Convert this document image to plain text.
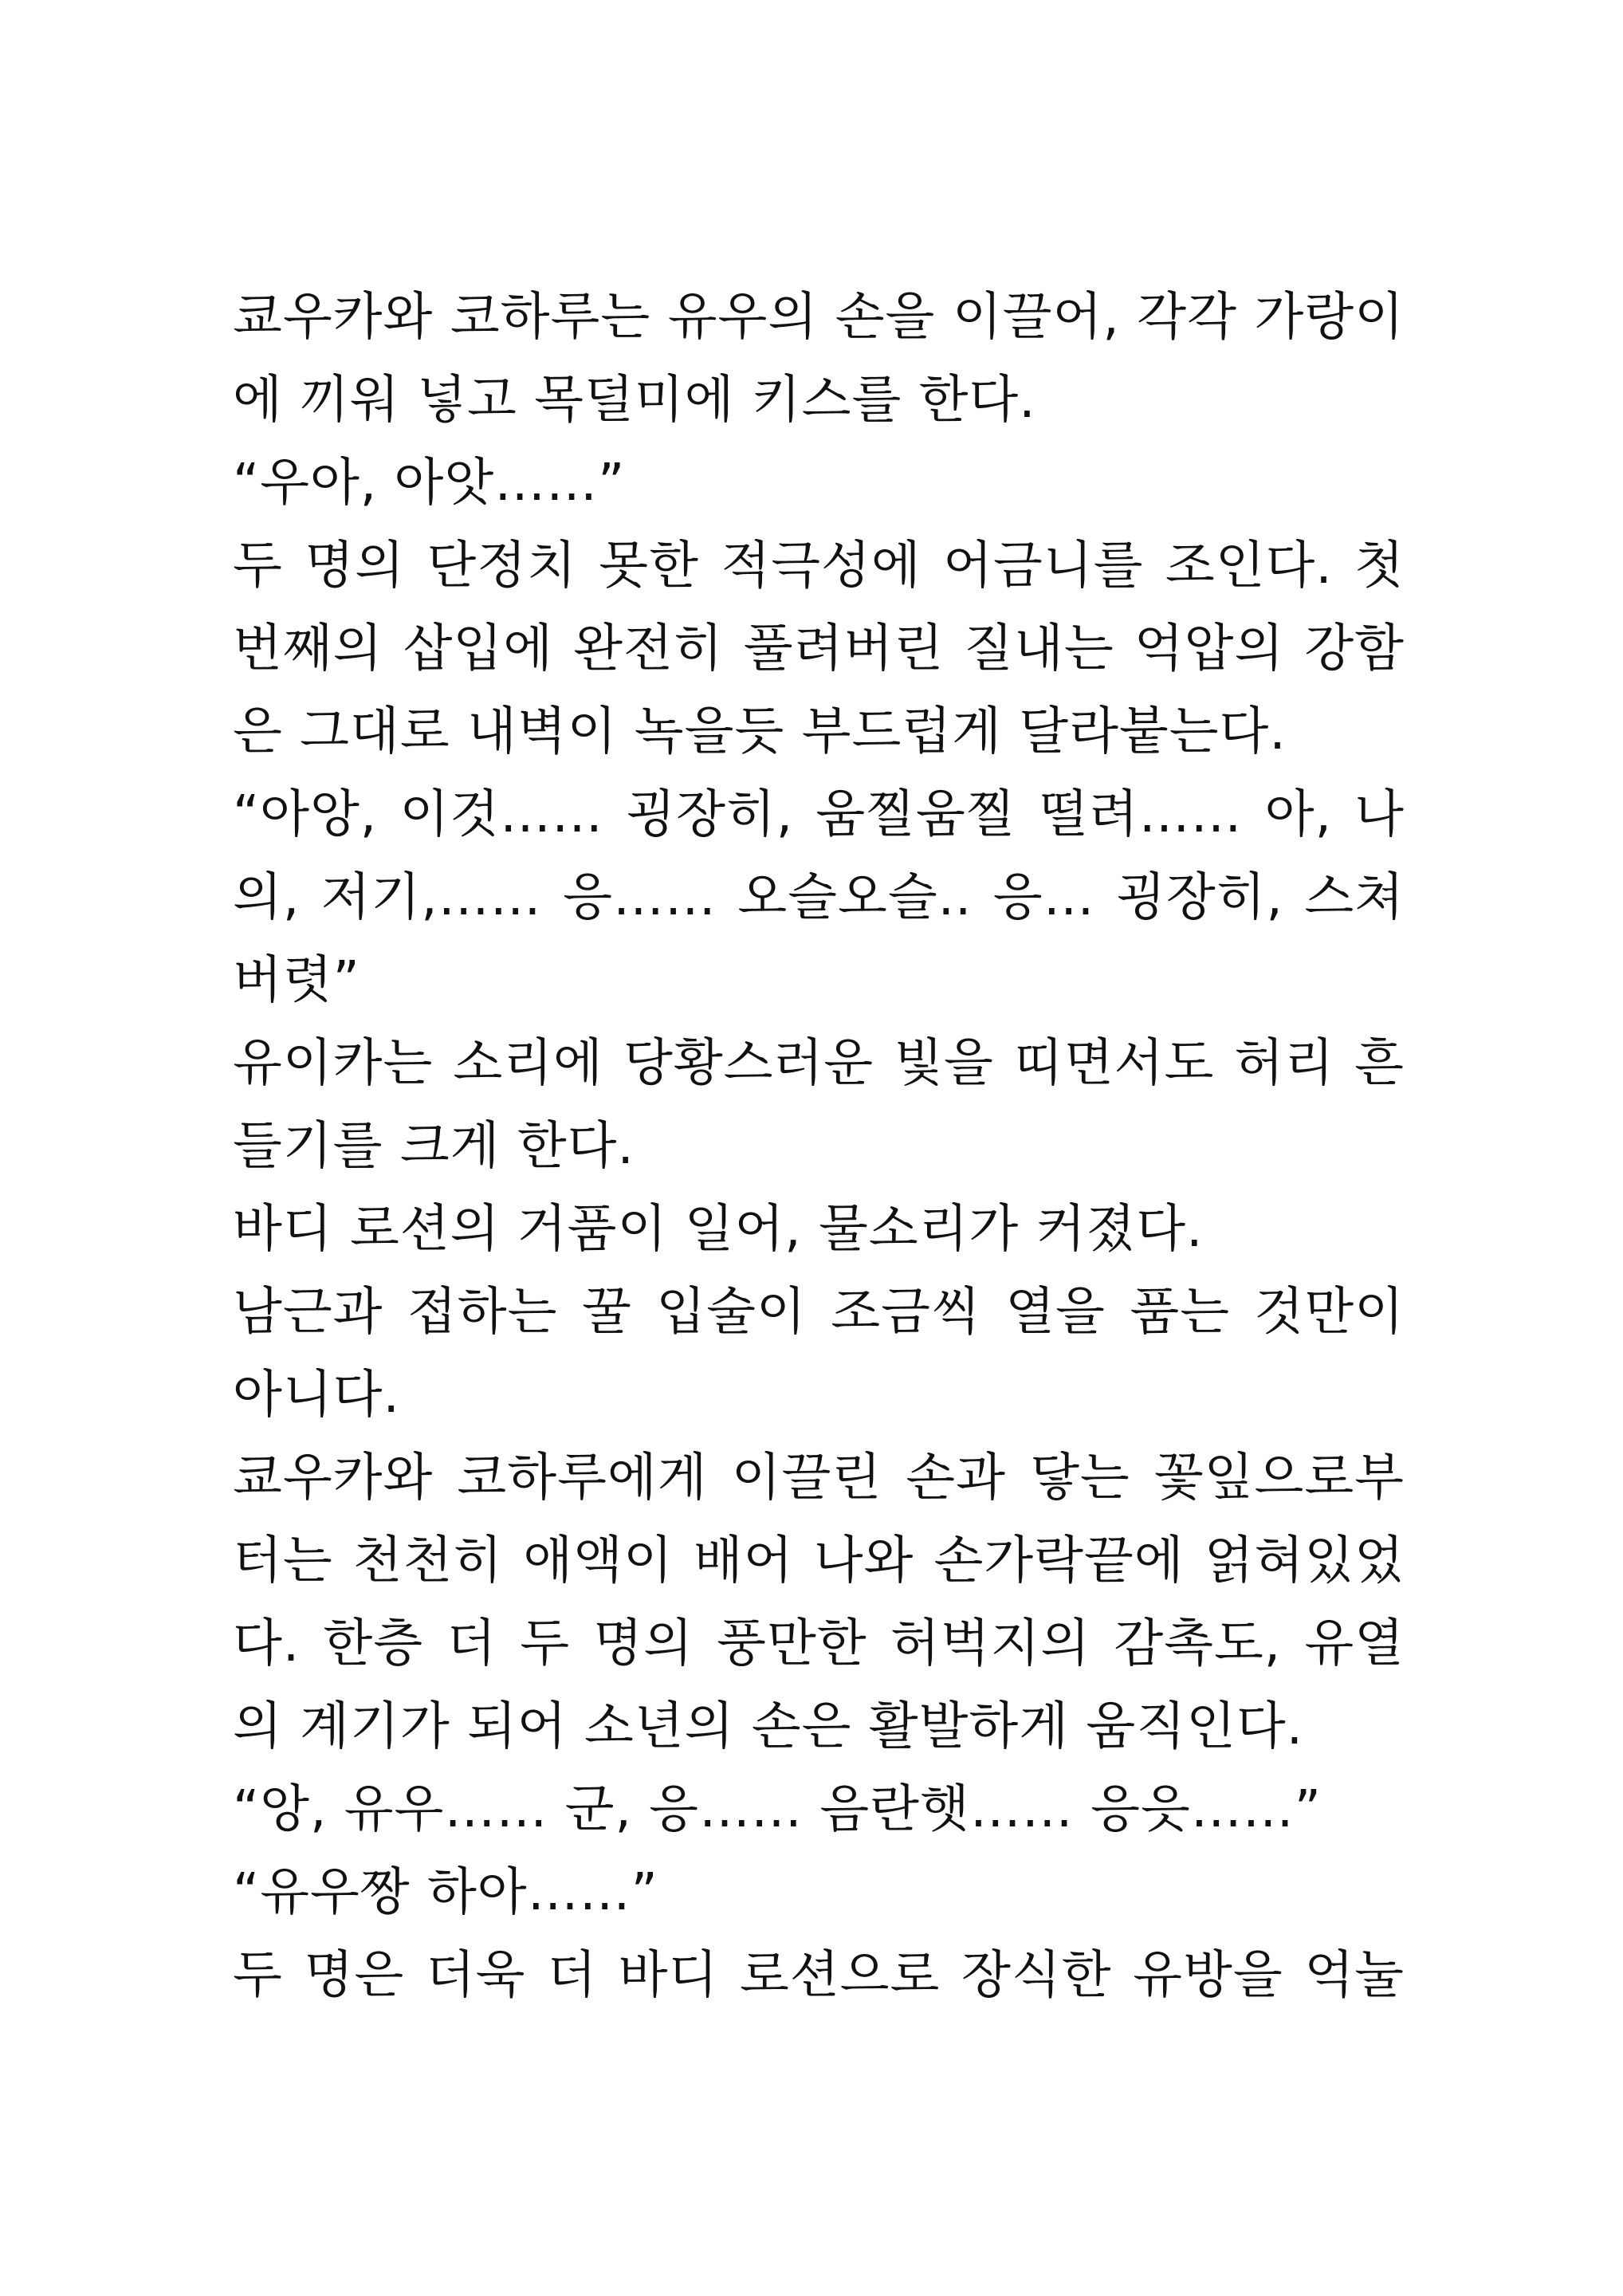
쿄우카와 코하루는 유우의 손을 이끌어, 각각 가랑이
에 끼워 넣고 목덜미에 키스를 한다.
“우아, 아앗……”
두 명의 단정치 못한 적극성에 어금니를 조인다. 첫
번째의 삽입에 완전히 풀려버린 질내는 억압의 강함
은 그대로 내벽이 녹을듯 부드럽게 달라붙는다.
“아앙, 이것…… 굉장히, 움찔움찔 떨려…… 아, 나
의, 저기,…… 응…… 오슬오슬.. 응… 굉장히, 스쳐
버렷”
유이카는 소리에 당황스러운 빛을 띠면서도 허리 흔
들기를 크게 한다.
바디 로션의 거품이 일어, 물소리가 커졌다.
남근과 접하는 꿀 입술이 조금씩 열을 품는 것만이
아니다.
쿄우카와 코하루에게 이끌린 손과 닿는 꽃잎으로부
터는 천천히 애액이 배어 나와 손가락끝에 얽혀있었
다. 한층 더 두 명의 풍만한 허벅지의 감촉도, 유열
의 계기가 되어 소년의 손은 활발하게 움직인다.
“앙, 유우…… 군, 응…… 음란햇…… 응읏……”
“유우짱 하아……”
두 명은 더욱 더 바디 로션으로 장식한 유방을 억눌
